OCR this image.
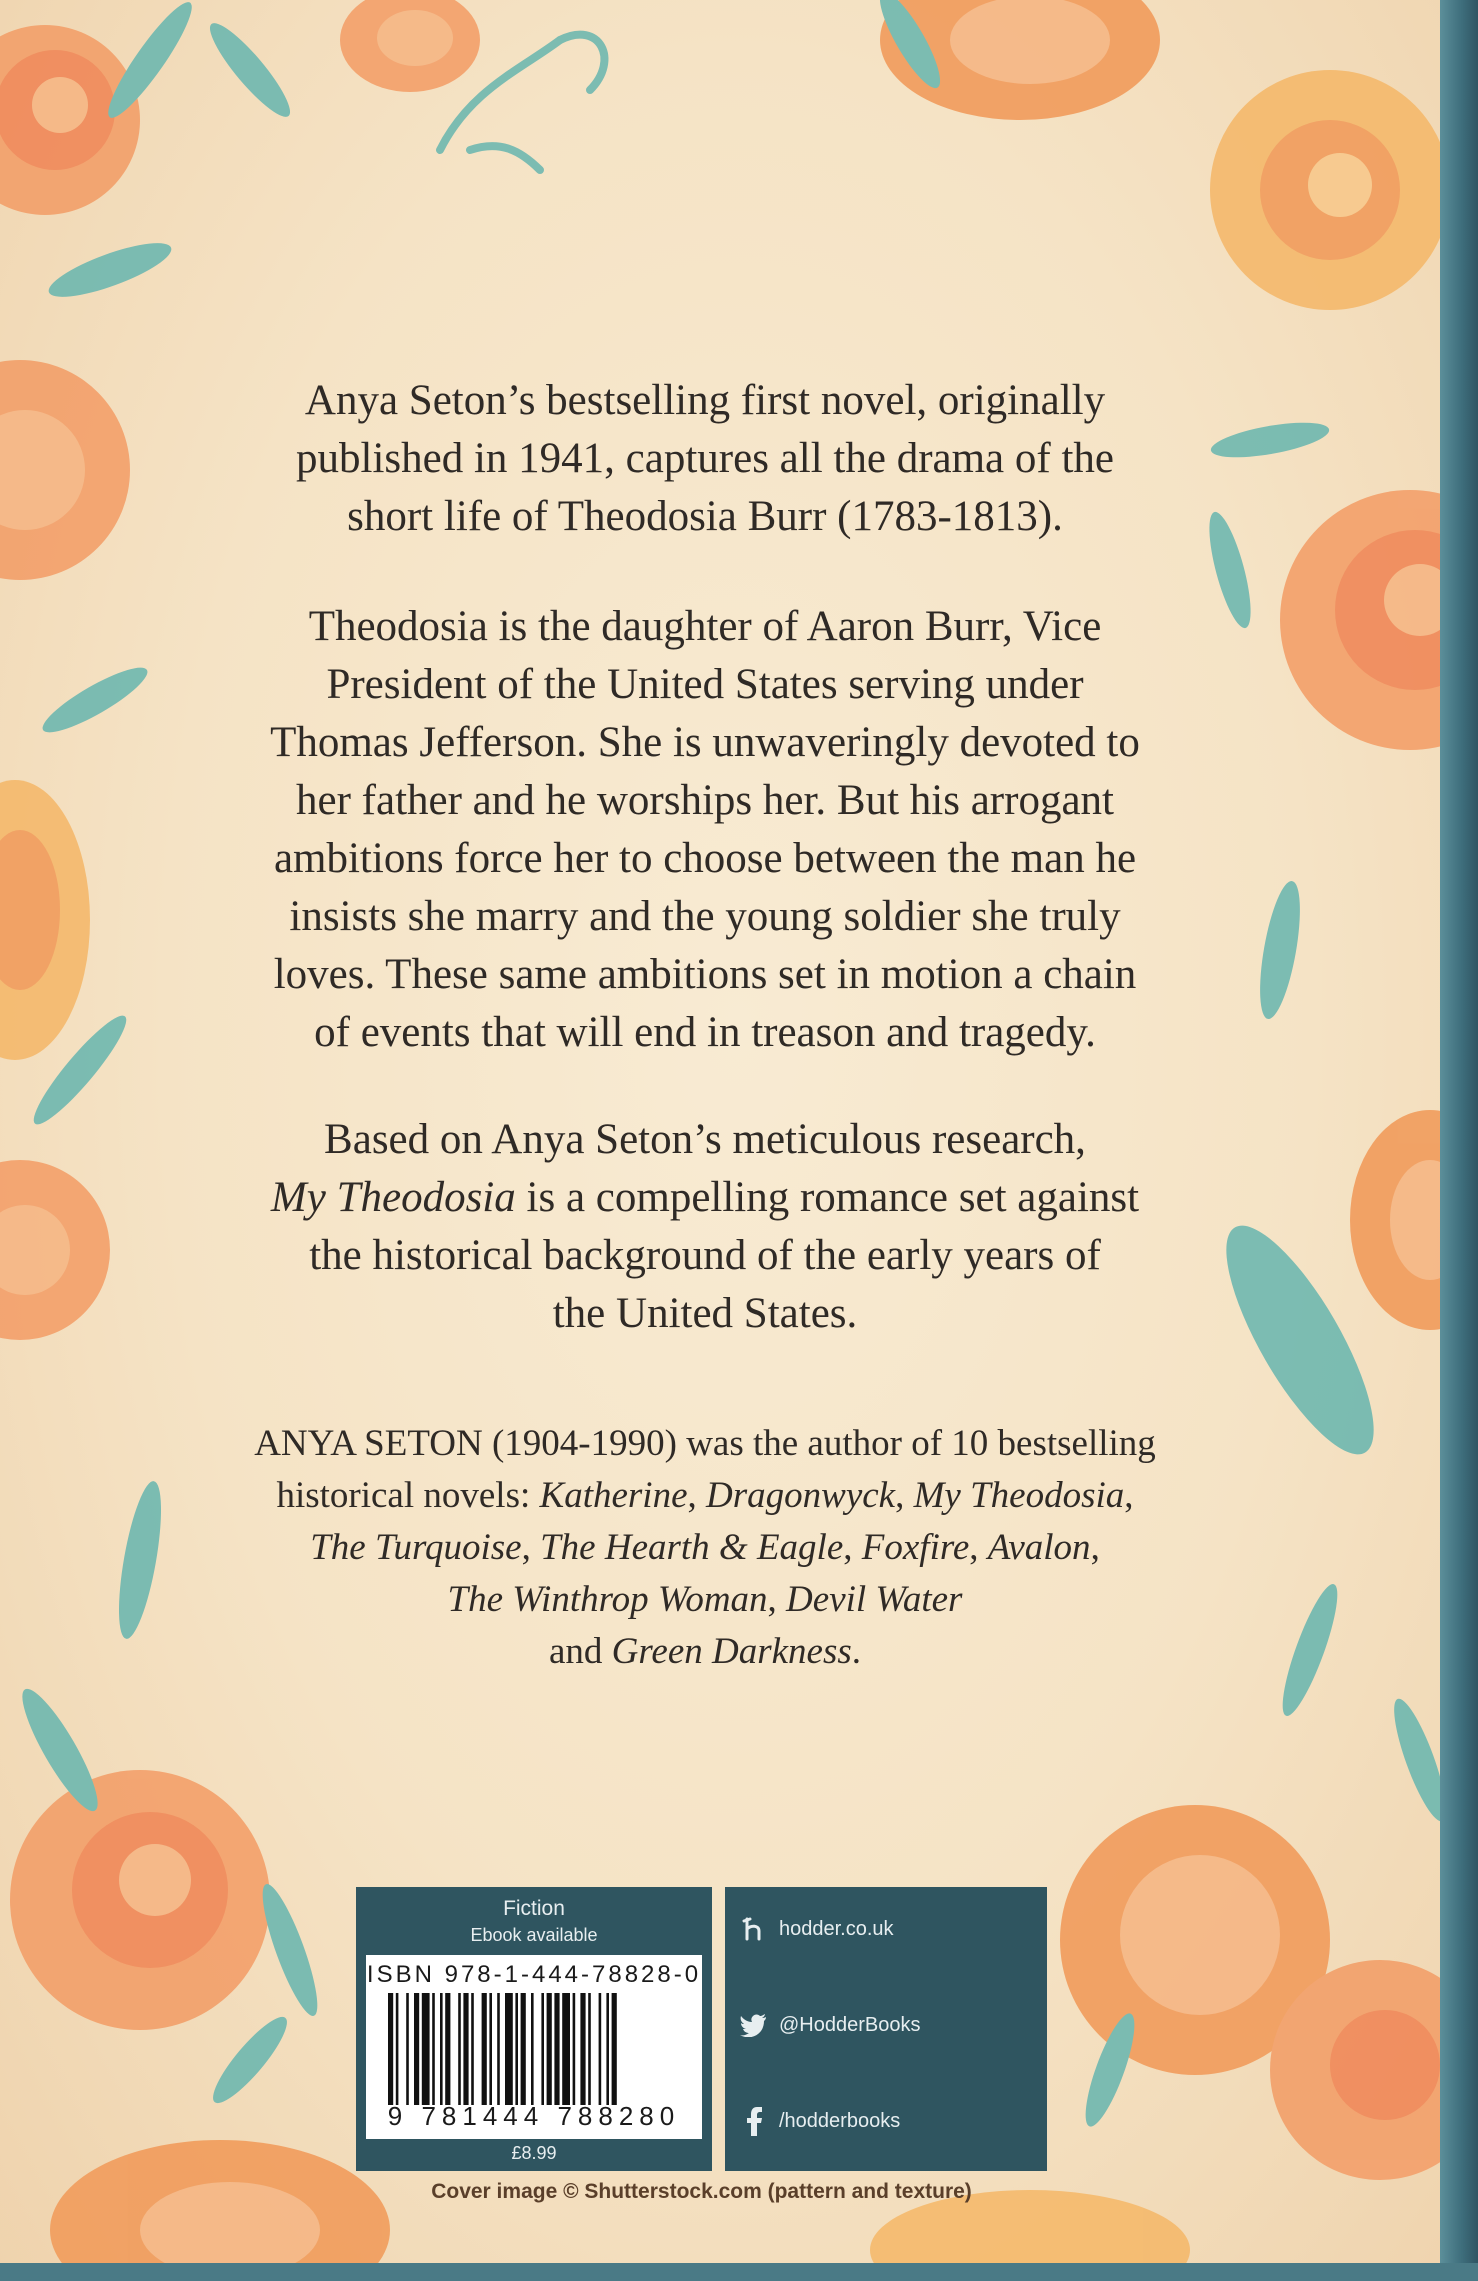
Anya Seton’s bestselling first novel, originally
published in 1941, captures all the drama of the
short life of Theodosia Burr (1783-1813).

Theodosia is the daughter of Aaron Burr, Vice
President of the United States serving under
Thomas Jefferson. She is unwaveringly devoted to
her father and he worships her. But his arrogant
ambitions force her to choose between the man he
insists she marry and the young soldier she truly
loves. These same ambitions set in motion a chain
of events that will end in treason and tragedy.

Based on Anya Seton’s meticulous research,
My Theodosia is a compelling romance set against
the historical background of the early years of
the United States.

ANYA SETON (1904-1990) was the author of 10 bestselling
historical novels: Katherine, Dragonwyck, My Theodosia,
The Turquoise, The Hearth & Eagle, Foxfire, Avalon,
The Winthrop Woman, Devil Water
and Green Darkness.

Fiction
Ebook available
ISBN 978-1-444-78828-0
9 781444 788280
£8.99
hodder.co.uk
@HodderBooks
/hodderbooks
Cover image © Shutterstock.com (pattern and texture)
